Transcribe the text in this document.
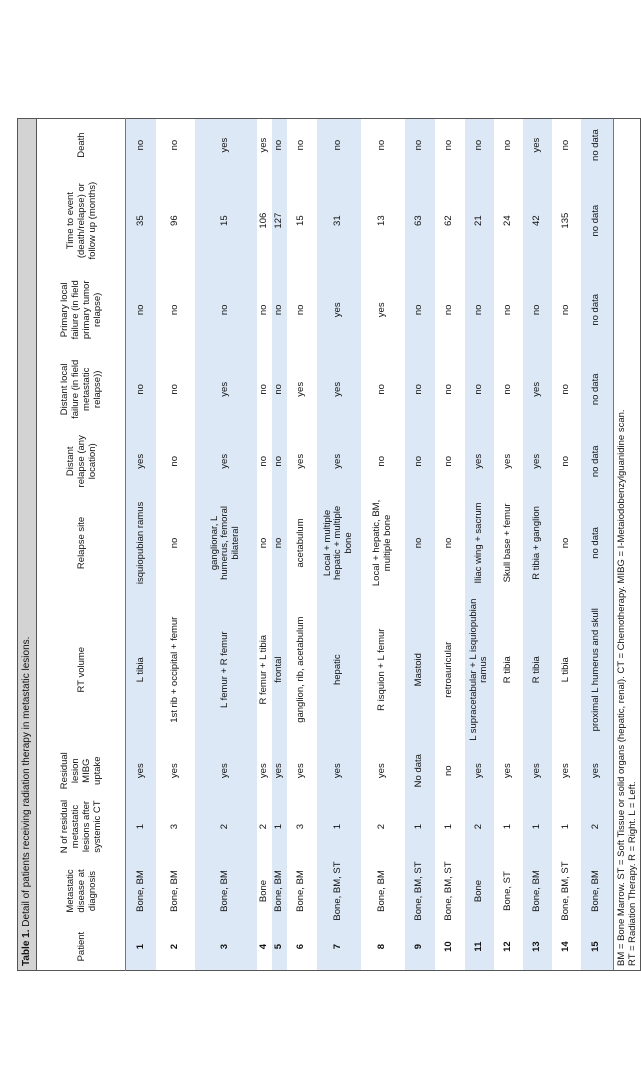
Table 1. Detail of patients receiving radiation therapy in metastatic lesions.
Patient	Metastatic disease at diagnosis	N of residual metastatic lesions after systemic CT	Residual lesion MIBG uptake	RT volume	Relapse site	Distant relapse (any location)	Distant local failure (in field metastatic relapse))	Primary local failure (in field primary tumor relapse)	Time to event (death/relapse) or follow up (months)	Death
1	Bone, BM	1	yes	L tibia	isquiopubian ramus	yes	no	no	35	no
2	Bone, BM	3	yes	1st rib + occipital + femur	no	no	no	no	96	no
3	Bone, BM	2	yes	L femur + R femur	ganglionar, L humerus, femoral bilateral	yes	yes	no	15	yes
4	Bone	2	yes	R femur + L tibia	no	no	no	no	106	yes
5	Bone, BM	1	yes	frontal	no	no	no	no	127	no
6	Bone, BM	3	yes	ganglion, rib, acetabulum	acetabulum	yes	yes	no	15	no
7	Bone, BM, ST	1	yes	hepatic	Local + multiple hepatic + multiple bone	yes	yes	yes	31	no
8	Bone, BM	2	yes	R isquion + L femur	Local + hepatic, BM, multiple bone	no	no	yes	13	no
9	Bone, BM, ST	1	No data	Mastoid	no	no	no	no	63	no
10	Bone, BM, ST	1	no	retroauricular	no	no	no	no	62	no
11	Bone	2	yes	L supracetabular + L isquiopubian ramus	Iliac wing + sacrum	yes	no	no	21	no
12	Bone, ST	1	yes	R tibia	Skull base + femur	yes	no	no	24	no
13	Bone, BM	1	yes	R tibia	R tibia + ganglion	yes	yes	no	42	yes
14	Bone, BM, ST	1	yes	L tibia	no	no	no	no	135	no
15	Bone, BM	2	yes	proximal L humerus and skull	no data	no data	no data	no data	no data	no data
BM = Bone Marrow. ST = Soft Tissue or solid organs (hepatic, renal). CT = Chemotherapy. MIBG = I-Metaiodobenzylguanidine scan. RT = Radiation Therapy. R = Right. L = Left.
